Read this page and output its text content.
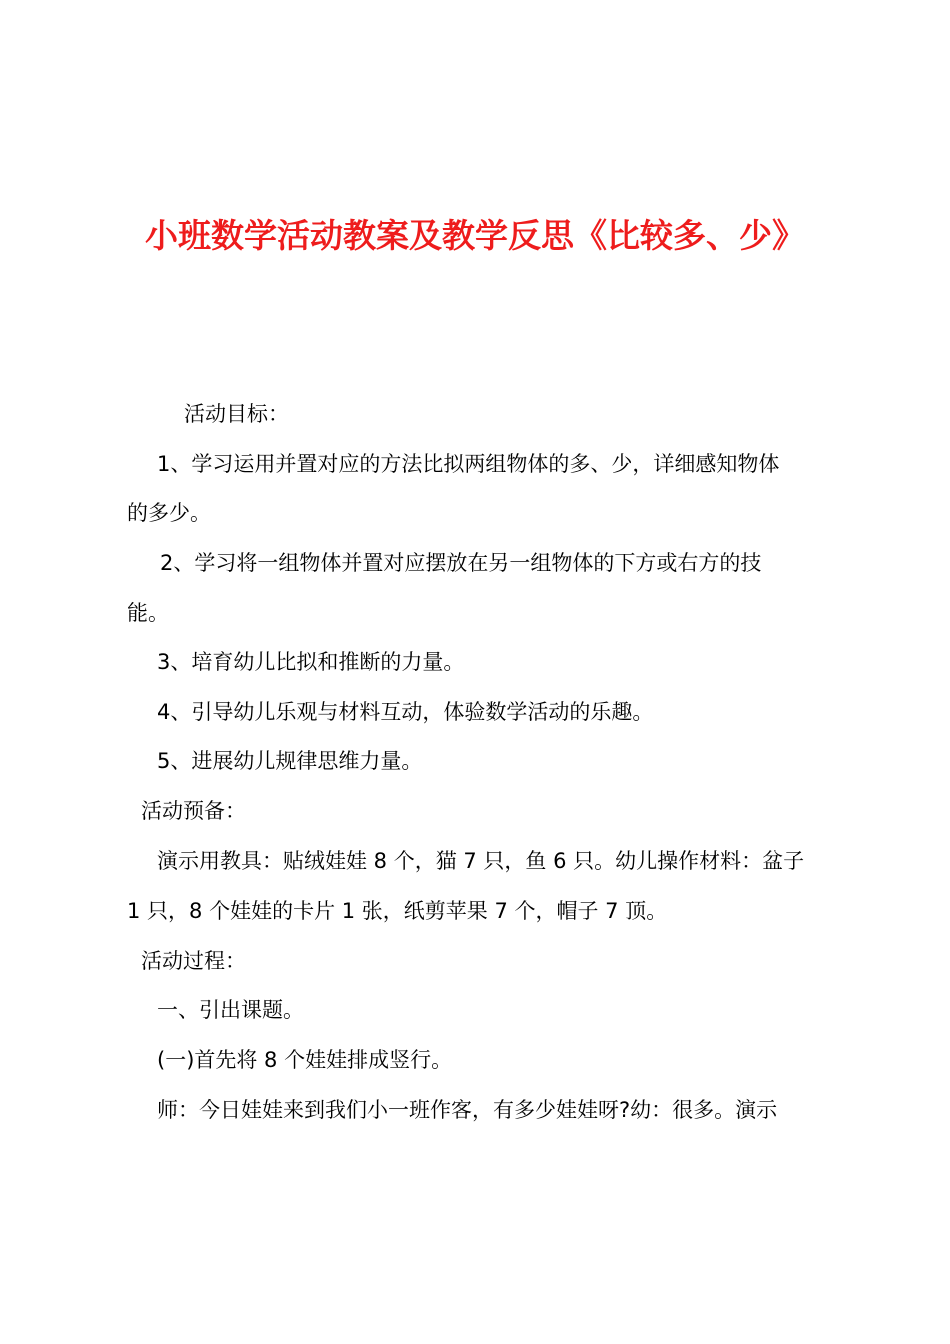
小班数学活动教案及教学反思《比较多、少》
活动目标：
1、学习运用并置对应的方法比拟两组物体的多、少，详细感知物体
的多少。
2、学习将一组物体并置对应摆放在另一组物体的下方或右方的技
能。
3、培育幼儿比拟和推断的力量。
4、引导幼儿乐观与材料互动，体验数学活动的乐趣。
5、进展幼儿规律思维力量。
活动预备：
演示用教具：贴绒娃娃 8 个，猫 7 只，鱼 6 只。幼儿操作材料：盆子
1 只，8 个娃娃的卡片 1 张，纸剪苹果 7 个，帽子 7 顶。
活动过程：
一、引出课题。
(一)首先将 8 个娃娃排成竖行。
师：今日娃娃来到我们小一班作客，有多少娃娃呀?幼：很多。演示
